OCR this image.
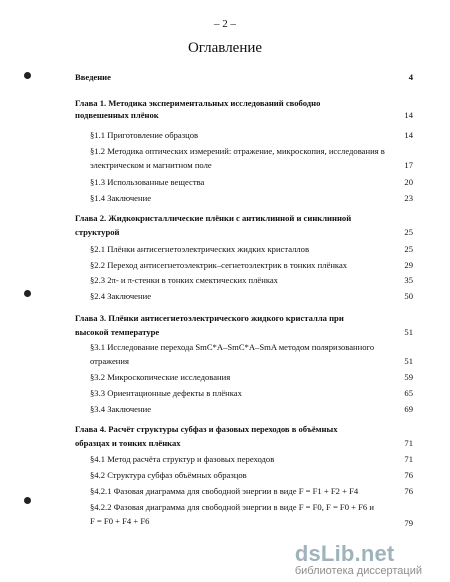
– 2 –
Оглавление
Введение	4
Глава 1. Методика экспериментальных исследований свободно
подвешенных плёнок	14
§1.1 Приготовление образцов	14
§1.2 Методика оптических измерений: отражение, микроскопия, исследования в
электрическом и магнитном поле	17
§1.3 Использованные вещества	20
§1.4 Заключение	23
Глава 2. Жидкокристаллические плёнки с антиклинной и синклинной
структурой	25
§2.1 Плёнки антисегнетоэлектрических жидких кристаллов	25
§2.2 Переход антисегнетоэлектрик–сегнетоэлектрик в тонких плёнках	29
§2.3 2π- и π-стенки в тонких смектических плёнках	35
§2.4 Заключение	50
Глава 3. Плёнки антисегнетоэлектрического жидкого кристалла при
высокой температуре	51
§3.1 Исследование перехода SmC*A–SmC*A–SmA методом поляризованного
отражения	51
§3.2 Микроскопические исследования	59
§3.3 Ориентационные дефекты в плёнках	65
§3.4 Заключение	69
Глава 4. Расчёт структуры субфаз и фазовых переходов в объёмных
образцах и тонких плёнках	71
§4.1 Метод расчёта структур и фазовых переходов	71
§4.2 Структура субфаз объёмных образцов	76
§4.2.1 Фазовая диаграмма для свободной энергии в виде F = F1 + F2 + F4	76
§4.2.2 Фазовая диаграмма для свободной энергии в виде F = F0, F = F0 + F6 и
F = F0 + F4 + F6	79
dsLib.net
библиотека диссертаций
